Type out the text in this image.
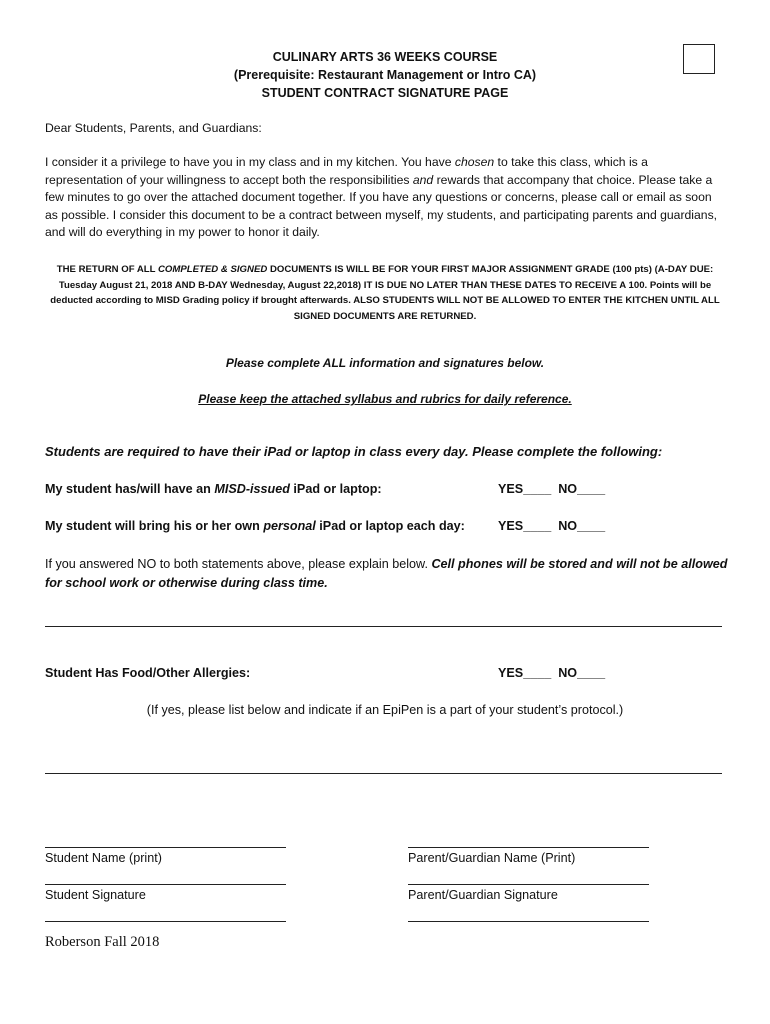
CULINARY ARTS 36 WEEKS COURSE
(Prerequisite: Restaurant Management or Intro CA)
STUDENT CONTRACT SIGNATURE PAGE
Dear Students, Parents, and Guardians:
I consider it a privilege to have you in my class and in my kitchen. You have chosen to take this class, which is a representation of your willingness to accept both the responsibilities and rewards that accompany that choice. Please take a few minutes to go over the attached document together. If you have any questions or concerns, please call or email as soon as possible. I consider this document to be a contract between myself, my students, and participating parents and guardians, and will do everything in my power to honor it daily.
THE RETURN OF ALL COMPLETED & SIGNED DOCUMENTS IS WILL BE FOR YOUR FIRST MAJOR ASSIGNMENT GRADE (100 pts) (A-DAY DUE: Tuesday August 21, 2018 AND B-DAY Wednesday, August 22,2018) IT IS DUE NO LATER THAN THESE DATES TO RECEIVE A 100. Points will be deducted according to MISD Grading policy if brought afterwards. ALSO STUDENTS WILL NOT BE ALLOWED TO ENTER THE KITCHEN UNTIL ALL SIGNED DOCUMENTS ARE RETURNED.
Please complete ALL information and signatures below.
Please keep the attached syllabus and rubrics for daily reference.
Students are required to have their iPad or laptop in class every day. Please complete the following:
My student has/will have an MISD-issued iPad or laptop:	YES____  NO____
My student will bring his or her own personal iPad or laptop each day:	YES____  NO____
If you answered NO to both statements above, please explain below. Cell phones will be stored and will not be allowed for school work or otherwise during class time.
Student Has Food/Other Allergies:	YES____  NO____
(If yes, please list below and indicate if an EpiPen is a part of your student’s protocol.)
Student Name (print)	Parent/Guardian Name (Print)
Student Signature	Parent/Guardian Signature
Roberson Fall 2018
